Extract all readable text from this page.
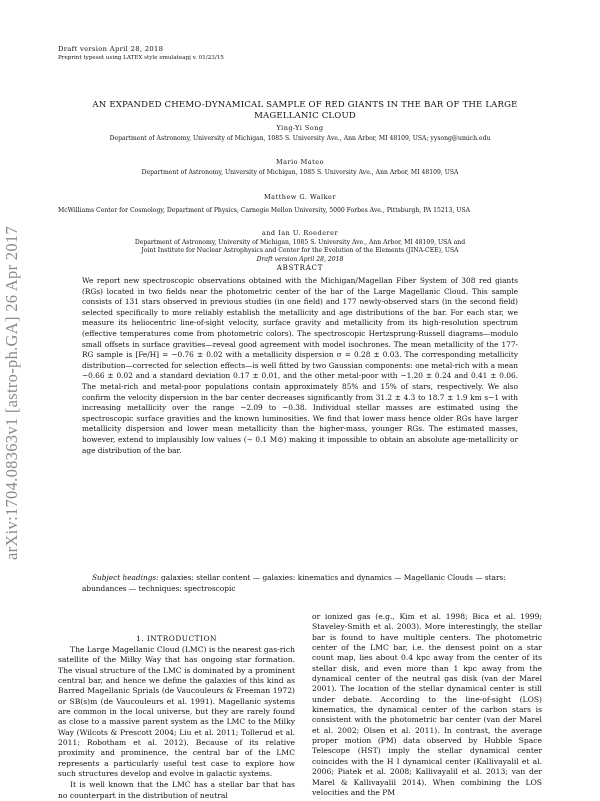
Draft version April 28, 2018
Preprint typeset using LATEX style emulateapj v. 01/23/15
arXiv:1704.08363v1 [astro-ph.GA] 26 Apr 2017
AN EXPANDED CHEMO-DYNAMICAL SAMPLE OF RED GIANTS IN THE BAR OF THE LARGE MAGELLANIC CLOUD
Ying-Yi Song
Department of Astronomy, University of Michigan, 1085 S. University Ave., Ann Arbor, MI 48109, USA; yysong@umich.edu
Mario Mateo
Department of Astronomy, University of Michigan, 1085 S. University Ave., Ann Arbor, MI 48109, USA
Matthew G. Walker
McWilliams Center for Cosmology, Department of Physics, Carnegie Mellon University, 5000 Forbes Ave., Pittsburgh, PA 15213, USA
and Ian U. Roederer
Department of Astronomy, University of Michigan, 1085 S. University Ave., Ann Arbor, MI 48109, USA and
Joint Institute for Nuclear Astrophysics and Center for the Evolution of the Elements (JINA-CEE), USA
Draft version April 28, 2018
ABSTRACT
We report new spectroscopic observations obtained with the Michigan/Magellan Fiber System of 308 red giants (RGs) located in two fields near the photometric center of the bar of the Large Magellanic Cloud. This sample consists of 131 stars observed in previous studies (in one field) and 177 newly-observed stars (in the second field) selected specifically to more reliably establish the metallicity and age distributions of the bar. For each star, we measure its heliocentric line-of-sight velocity, surface gravity and metallicity from its high-resolution spectrum (effective temperatures come from photometric colors). The spectroscopic Hertzsprung-Russell diagrams—modulo small offsets in surface gravities—reveal good agreement with model isochrones. The mean metallicity of the 177-RG sample is [Fe/H] = −0.76 ± 0.02 with a metallicity dispersion σ = 0.28 ± 0.03. The corresponding metallicity distribution—corrected for selection effects—is well fitted by two Gaussian components: one metal-rich with a mean −0.66 ± 0.02 and a standard deviation 0.17 ± 0.01, and the other metal-poor with −1.20 ± 0.24 and 0.41 ± 0.06. The metal-rich and metal-poor populations contain approximately 85% and 15% of stars, respectively. We also confirm the velocity dispersion in the bar center decreases significantly from 31.2 ± 4.3 to 18.7 ± 1.9 km s−1 with increasing metallicity over the range −2.09 to −0.38. Individual stellar masses are estimated using the spectroscopic surface gravities and the known luminosities. We find that lower mass hence older RGs have larger metallicity dispersion and lower mean metallicity than the higher-mass, younger RGs. The estimated masses, however, extend to implausibly low values (∼ 0.1 M⊙) making it impossible to obtain an absolute age-metallicity or age distribution of the bar.
Subject headings: galaxies: stellar content — galaxies: kinematics and dynamics — Magellanic Clouds — stars: abundances — techniques: spectroscopic
1. INTRODUCTION

The Large Magellanic Cloud (LMC) is the nearest gas-rich satellite of the Milky Way that has ongoing star formation. The visual structure of the LMC is dominated by a prominent central bar, and hence we define the galaxies of this kind as Barred Magellanic Sprials (de Vaucouleurs & Freeman 1972) or SB(s)m (de Vaucouleurs et al. 1991). Magellanic systems are common in the local universe, but they are rarely found as close to a massive parent system as the LMC to the Milky Way (Wilcots & Prescott 2004; Liu et al. 2011; Tollerud et al. 2011; Robotham et al. 2012). Because of its relative proximity and prominence, the central bar of the LMC represents a particularly useful test case to explore how such structures develop and evolve in galactic systems.

It is well known that the LMC has a stellar bar that has no counterpart in the distribution of neutral

or ionized gas (e.g., Kim et al. 1998; Bica et al. 1999; Staveley-Smith et al. 2003). More interestingly, the stellar bar is found to have multiple centers. The photometric center of the LMC bar, i.e. the densest point on a star count map, lies about 0.4 kpc away from the center of its stellar disk, and even more than 1 kpc away from the dynamical center of the neutral gas disk (van der Marel 2001). The location of the stellar dynamical center is still under debate. According to the line-of-sight (LOS) kinematics, the dynamical center of the carbon stars is consistent with the photometric bar center (van der Marel et al. 2002; Olsen et al. 2011). In contrast, the average proper motion (PM) data observed by Hubble Space Telescope (HST) imply the stellar dynamical center coincides with the H I dynamical center (Kallivayalil et al. 2006; Piatek et al. 2008; Kallivayalil et al. 2013; van der Marel & Kallivayalil 2014). When combining the LOS velocities and the PM
